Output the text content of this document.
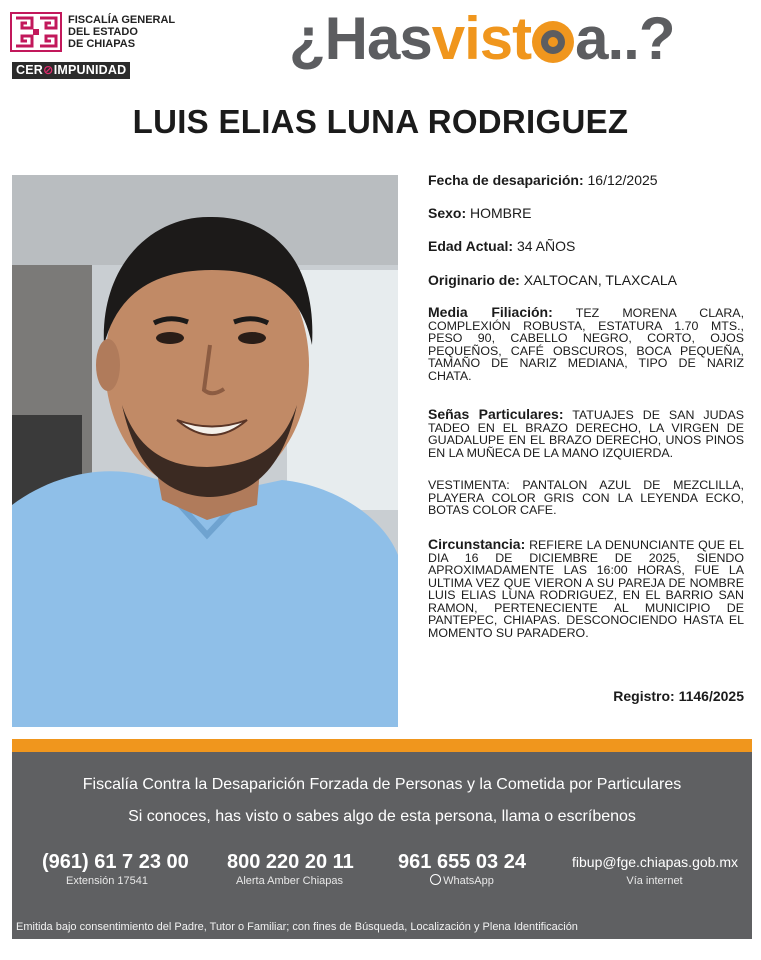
FISCALÍA GENERAL
DEL ESTADO
DE CHIAPAS
CER⊘IMPUNIDAD	¿Hasvist a..?
LUIS ELIAS LUNA RODRIGUEZ
Fecha de desaparición: 16/12/2025
Sexo: HOMBRE
Edad Actual: 34 AÑOS
Originario de: XALTOCAN, TLAXCALA
Media Filiación: TEZ MORENA CLARA, COMPLEXIÓN ROBUSTA, ESTATURA 1.70 MTS., PESO 90, CABELLO NEGRO, CORTO, OJOS PEQUEÑOS, CAFÉ OBSCUROS, BOCA PEQUEÑA, TAMAÑO DE NARIZ MEDIANA, TIPO DE NARIZ CHATA.
Señas Particulares: TATUAJES DE SAN JUDAS TADEO EN EL BRAZO DERECHO, LA VIRGEN DE GUADALUPE EN EL BRAZO DERECHO, UNOS PINOS EN LA MUÑECA DE LA MANO IZQUIERDA.
VESTIMENTA: PANTALON AZUL DE MEZCLILLA, PLAYERA COLOR GRIS CON LA LEYENDA ECKO, BOTAS COLOR CAFE.
Circunstancia: REFIERE LA DENUNCIANTE QUE EL DIA 16 DE DICIEMBRE DE 2025, SIENDO APROXIMADAMENTE LAS 16:00 HORAS, FUE LA ULTIMA VEZ QUE VIERON A SU PAREJA DE NOMBRE LUIS ELIAS LUNA RODRIGUEZ, EN EL BARRIO SAN RAMON, PERTENECIENTE AL MUNICIPIO DE PANTEPEC, CHIAPAS. DESCONOCIENDO HASTA EL MOMENTO SU PARADERO.
Registro: 1146/2025
Fiscalía Contra la Desaparición Forzada de Personas y la Cometida por Particulares
Si conoces, has visto o sabes algo de esta persona, llama o escríbenos
(961) 61 7 23 00
Extensión 17541
800 220 20 11
Alerta Amber Chiapas
961 655 03 24
WhatsApp
fibup@fge.chiapas.gob.mx
Vía internet
Emitida bajo consentimiento del Padre, Tutor o Familiar; con fines de Búsqueda, Localización y Plena Identificación
